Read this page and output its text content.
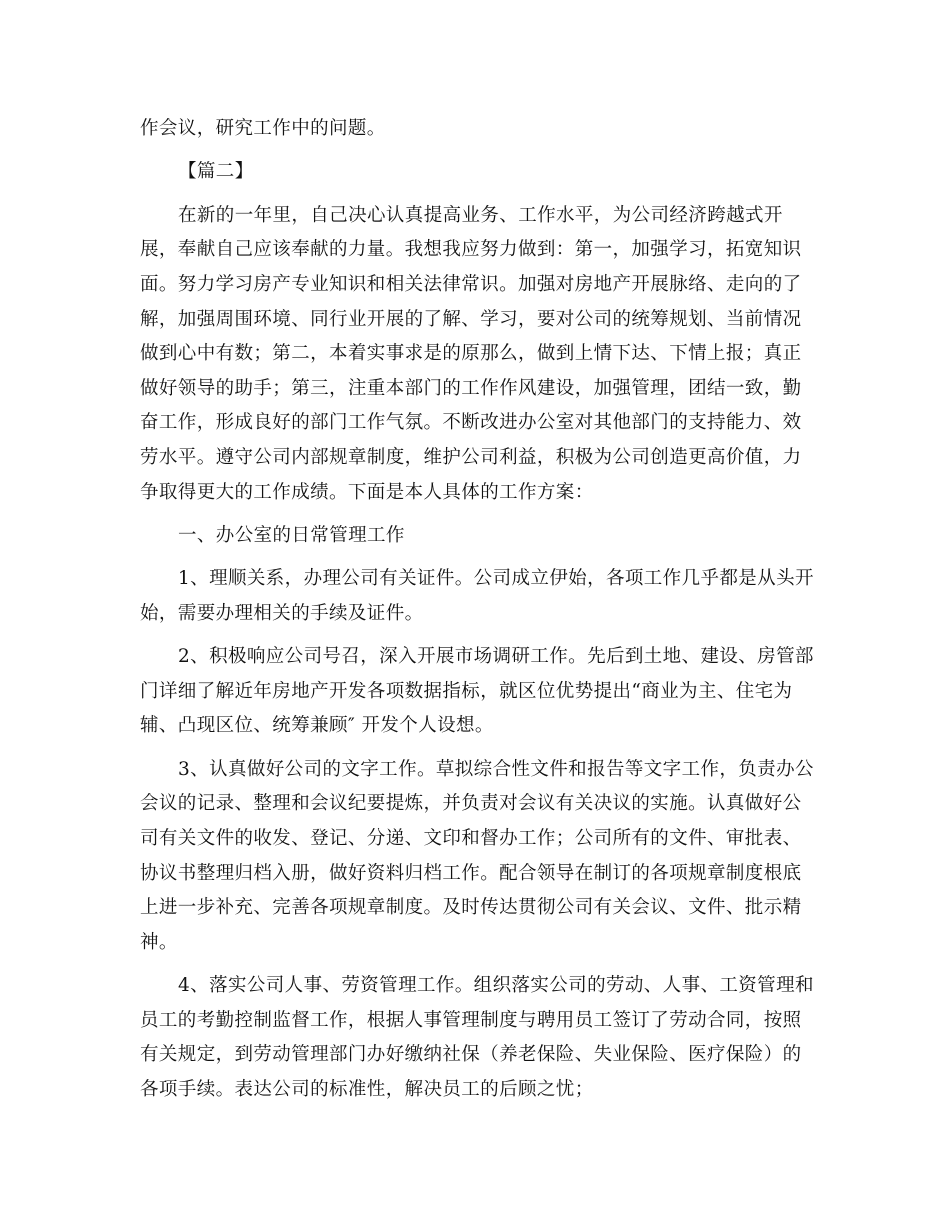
作会议，研究工作中的问题。
【篇二】
在新的一年里，自己决心认真提高业务、工作水平，为公司经济跨越式开
展，奉献自己应该奉献的力量。我想我应努力做到：第一，加强学习，拓宽知识
面。努力学习房产专业知识和相关法律常识。加强对房地产开展脉络、走向的了
解，加强周围环境、同行业开展的了解、学习，要对公司的统筹规划、当前情况
做到心中有数；第二，本着实事求是的原那么，做到上情下达、下情上报；真正
做好领导的助手；第三，注重本部门的工作作风建设，加强管理，团结一致，勤
奋工作，形成良好的部门工作气氛。不断改进办公室对其他部门的支持能力、效
劳水平。遵守公司内部规章制度，维护公司利益，积极为公司创造更高价值，力
争取得更大的工作成绩。下面是本人具体的工作方案：
一、办公室的日常管理工作
1、理顺关系，办理公司有关证件。公司成立伊始，各项工作几乎都是从头开
始，需要办理相关的手续及证件。
2、积极响应公司号召，深入开展市场调研工作。先后到土地、建设、房管部
门详细了解近年房地产开发各项数据指标，就区位优势提出“商业为主、住宅为
辅、凸现区位、统筹兼顾″ 开发个人设想。
3、认真做好公司的文字工作。草拟综合性文件和报告等文字工作，负责办公
会议的记录、整理和会议纪要提炼，并负责对会议有关决议的实施。认真做好公
司有关文件的收发、登记、分递、文印和督办工作；公司所有的文件、审批表、
协议书整理归档入册，做好资料归档工作。配合领导在制订的各项规章制度根底
上进一步补充、完善各项规章制度。及时传达贯彻公司有关会议、文件、批示精
神。
4、落实公司人事、劳资管理工作。组织落实公司的劳动、人事、工资管理和
员工的考勤控制监督工作，根据人事管理制度与聘用员工签订了劳动合同，按照
有关规定，到劳动管理部门办好缴纳社保（养老保险、失业保险、医疗保险）的
各项手续。表达公司的标准性，解决员工的后顾之忧；
